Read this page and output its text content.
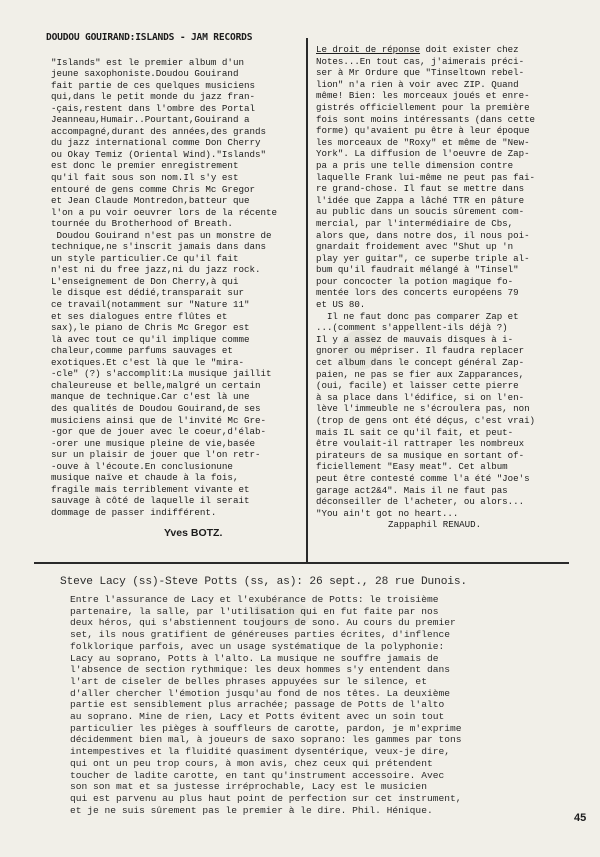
DOUDOU GOUIRAND:ISLANDS - JAM RECORDS
"Islands" est le premier album d'un
jeune saxophoniste.Doudou Gouirand
fait partie de ces quelques musiciens
qui,dans le petit monde du jazz fran-
-çais,restent dans l'ombre des Portal
Jeanneau,Humair..Pourtant,Gouirand a
accompagné,durant des années,des grands
du jazz international comme Don Cherry
ou Okay Temiz (Oriental Wind)."Islands"
est donc le premier enregistrement
qu'il fait sous son nom.Il s'y est
entouré de gens comme Chris Mc Gregor
et Jean Claude Montredon,batteur que
l'on a pu voir oeuvrer lors de la récente
tournée du Brotherhood of Breath.
Doudou Gouirand n'est pas un monstre de
technique,ne s'inscrit jamais dans dans
un style particulier.Ce qu'il fait
n'est ni du free jazz,ni du jazz rock.
L'enseignement de Don Cherry,à qui
le disque est dédié,transparait sur
ce travail(notamment sur "Nature 11"
et ses dialogues entre flûtes et
sax),le piano de Chris Mc Gregor est
là avec tout ce qu'il implique comme
chaleur,comme parfums sauvages et
exotiques.Et c'est là que le "mira-
-cle" (?) s'accomplit:La musique jaillit
chaleureuse et belle,malgré un certain
manque de technique.Car c'est là une
des qualités de Doudou Gouirand,de ses
musiciens ainsi que de l'invité Mc Gre-
-gor que de jouer avec le coeur,d'élab-
-orer une musique pleine de vie,basée
sur un plaisir de jouer que l'on retr-
-ouve à l'écoute.En conclusionune
musique naïve et chaude à la fois,
fragile mais terriblement vivante et
sauvage à côté de laquelle il serait
dommage de passer indifférent.
Yves BOTZ.
Le droit de réponse doit exister chez
Notes...En tout cas, j'aimerais préci-
ser à Mr Ordure que "Tinseltown rebel-
lion" n'a rien à voir avec ZIP. Quand
même! Bien: les morceaux joués et enre-
gistrés officiellement pour la première
fois sont moins intéressants (dans cette
forme) qu'avaient pu être à leur époque
les morceaux de "Roxy" et même de "New-
York". La diffusion de l'oeuvre de Zap-
pa a pris une telle dimension contre
laquelle Frank lui-même ne peut pas fai-
re grand-chose. Il faut se mettre dans
l'idée que Zappa a lâché TTR en pâture
au public dans un soucis sûrement com-
mercial, par l'intermédiaire de Cbs,
alors que, dans notre dos, il nous poi-
gnardait froidement avec "Shut up 'n
play yer guitar", ce superbe triple al-
bum qu'il faudrait mélangé à "Tinsel"
pour concocter la potion magique fo-
mentée lors des concerts européens 79
et US 80.
Il ne faut donc pas comparer Zap et
...(comment s'appellent-ils déjà ?)
Il y a assez de mauvais disques à i-
gnorer ou mépriser. Il faudra replacer
cet album dans le concept général Zap-
paien, ne pas se fier aux Zapparances,
(oui, facile) et laisser cette pierre
à sa place dans l'édifice, si on l'en-
lève l'immeuble ne s'écroulera pas, non
(trop de gens ont été déçus, c'est vrai)
mais IL sait ce qu'il fait, et peut-
être voulait-il rattraper les nombreux
pirateurs de sa musique en sortant of-
ficiellement "Easy meat". Cet album
peut être contesté comme l'a été "Joe's
garage act2&4". Mais il ne faut pas
déconseiller de l'acheter, ou alors...
"You ain't got no heart...
Zappaphil RENAUD.
Steve Lacy (ss)-Steve Potts (ss, as): 26 sept., 28 rue Dunois.
Entre l'assurance de Lacy et l'exubérance de Potts: le troisième
partenaire, la salle, par l'utilisation qui en fut faite par nos
deux héros, qui s'abstiennent toujours de sono. Au cours du premier
set, ils nous gratifient de généreuses parties écrites, d'inflence
folklorique parfois, avec un usage systématique de la polyphonie:
Lacy au soprano, Potts à l'alto. La musique ne souffre jamais de
l'absence de section rythmique: les deux hommes s'y entendent dans
l'art de ciseler de belles phrases appuyées sur le silence, et
d'aller chercher l'émotion jusqu'au fond de nos têtes. La deuxième
partie est sensiblement plus arrachée; passage de Potts de l'alto
au soprano. Mine de rien, Lacy et Potts évitent avec un soin tout
particulier les pièges à souffleurs de carotte, pardon, je m'exprime
décidemment bien mal, à joueurs de saxo soprano: les gammes par tons
intempestives et la fluidité quasiment dysentérique, veux-je dire,
qui ont un peu trop cours, à mon avis, chez ceux qui prétendent
toucher de ladite carotte, en tant qu'instrument accessoire. Avec
son son mat et sa justesse irréprochable, Lacy est le musicien
qui est parvenu au plus haut point de perfection sur cet instrument,
et je ne suis sûrement pas le premier à le dire. Phil. Hénique.
45
